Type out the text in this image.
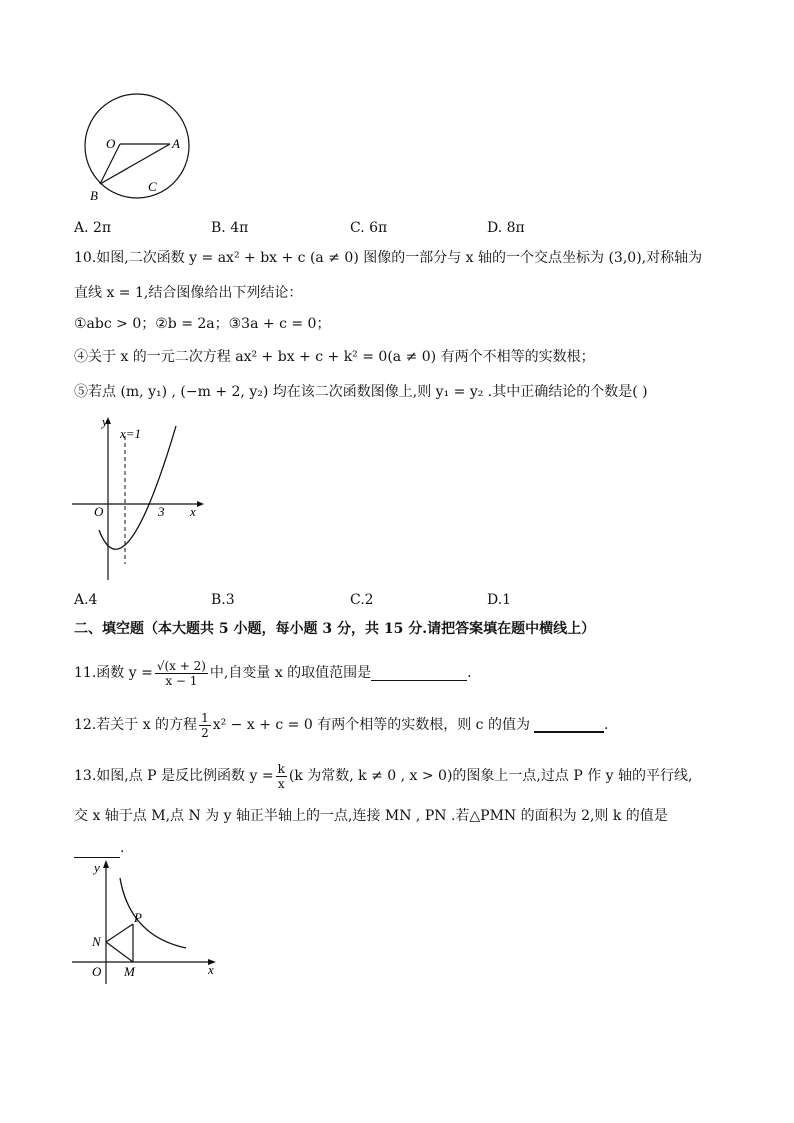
O	A
B
C
A. 2π	B. 4π	C. 6π	D. 8π
10.如图,二次函数 y = ax² + bx + c (a ≠ 0) 图像的一部分与 x 轴的一个交点坐标为 (3,0),对称轴为
直线 x = 1,结合图像给出下列结论：
①abc > 0；②b = 2a；③3a + c = 0；
④关于 x 的一元二次方程 ax² + bx + c + k² = 0(a ≠ 0) 有两个不相等的实数根；
⑤若点 (m, y₁) , (−m + 2, y₂) 均在该二次函数图像上,则 y₁ = y₂ .其中正确结论的个数是( )
y
x
O	3
x=1
A.4	B.3	C.2	D.1
二、填空题（本大题共 5 小题，每小题 3 分，共 15 分.请把答案填在题中横线上）
11.函数 $y = \frac{√(x + 2)}{x - 1}$ 中,自变量 x 的取值范围是	.
12.若关于 x 的方程 $\frac{1}{2} x^2 - x + c = 0$ 有两个相等的实数根，则 c 的值为	.
13.如图,点 P 是反比例函数 $y = \frac{k}{x} (k$ 为常数, k ≠ 0 , x > 0)的图象上一点,过点 P 作 y 轴的平行线,
交 x 轴于点 M,点 N 为 y 轴正半轴上的一点,连接 MN , PN .若△PMN 的面积为 2,则 k 的值是
.
y
x
O
P
N
M
